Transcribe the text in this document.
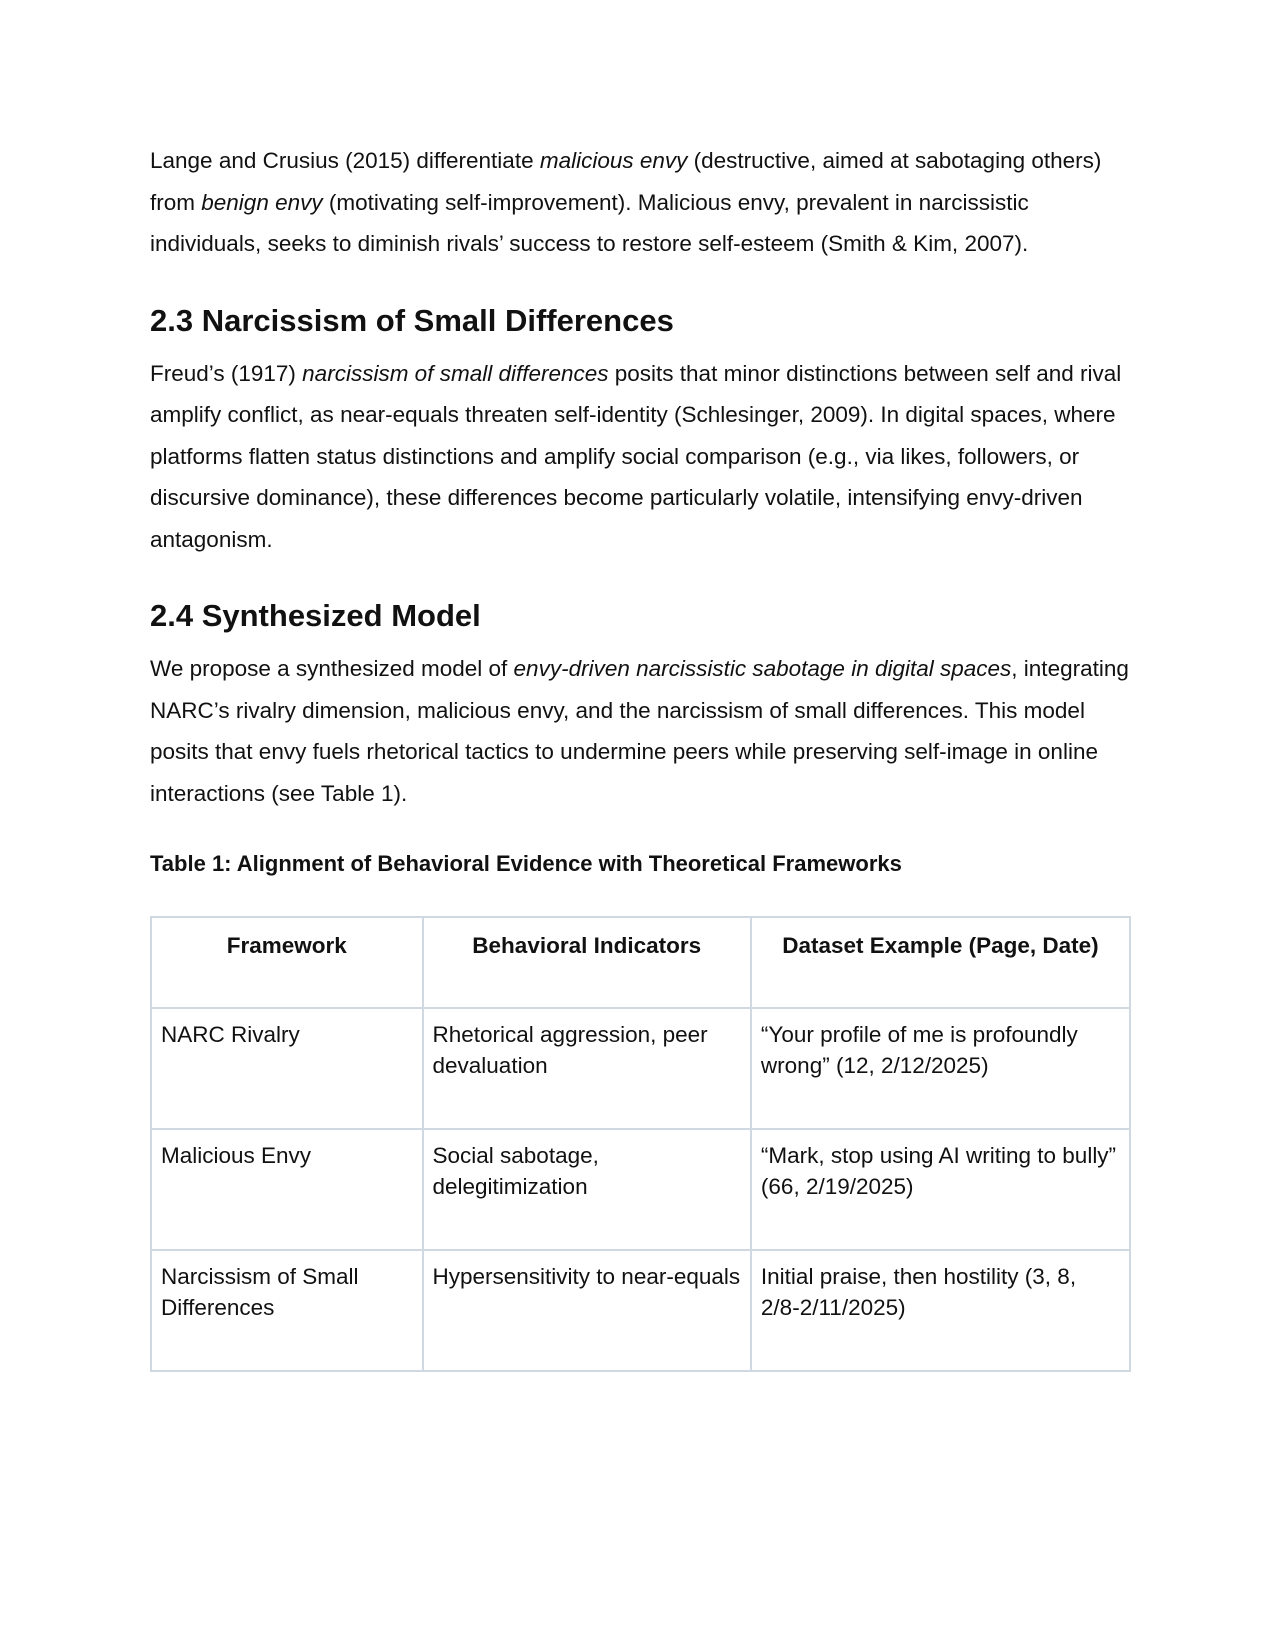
Lange and Crusius (2015) differentiate malicious envy (destructive, aimed at sabotaging others) from benign envy (motivating self-improvement). Malicious envy, prevalent in narcissistic individuals, seeks to diminish rivals’ success to restore self-esteem (Smith & Kim, 2007).

2.3 Narcissism of Small Differences

Freud’s (1917) narcissism of small differences posits that minor distinctions between self and rival amplify conflict, as near-equals threaten self-identity (Schlesinger, 2009). In digital spaces, where platforms flatten status distinctions and amplify social comparison (e.g., via likes, followers, or discursive dominance), these differences become particularly volatile, intensifying envy-driven antagonism.

2.4 Synthesized Model

We propose a synthesized model of envy-driven narcissistic sabotage in digital spaces, integrating NARC’s rivalry dimension, malicious envy, and the narcissism of small differences. This model posits that envy fuels rhetorical tactics to undermine peers while preserving self-image in online interactions (see Table 1).

Table 1: Alignment of Behavioral Evidence with Theoretical Frameworks
Framework	Behavioral Indicators	Dataset Example (Page, Date)
NARC Rivalry	Rhetorical aggression, peer devaluation	“Your profile of me is profoundly wrong” (12, 2/12/2025)
Malicious Envy	Social sabotage, delegitimization	“Mark, stop using AI writing to bully” (66, 2/19/2025)
Narcissism of Small Differences	Hypersensitivity to near-equals	Initial praise, then hostility (3, 8, 2/8-2/11/2025)
